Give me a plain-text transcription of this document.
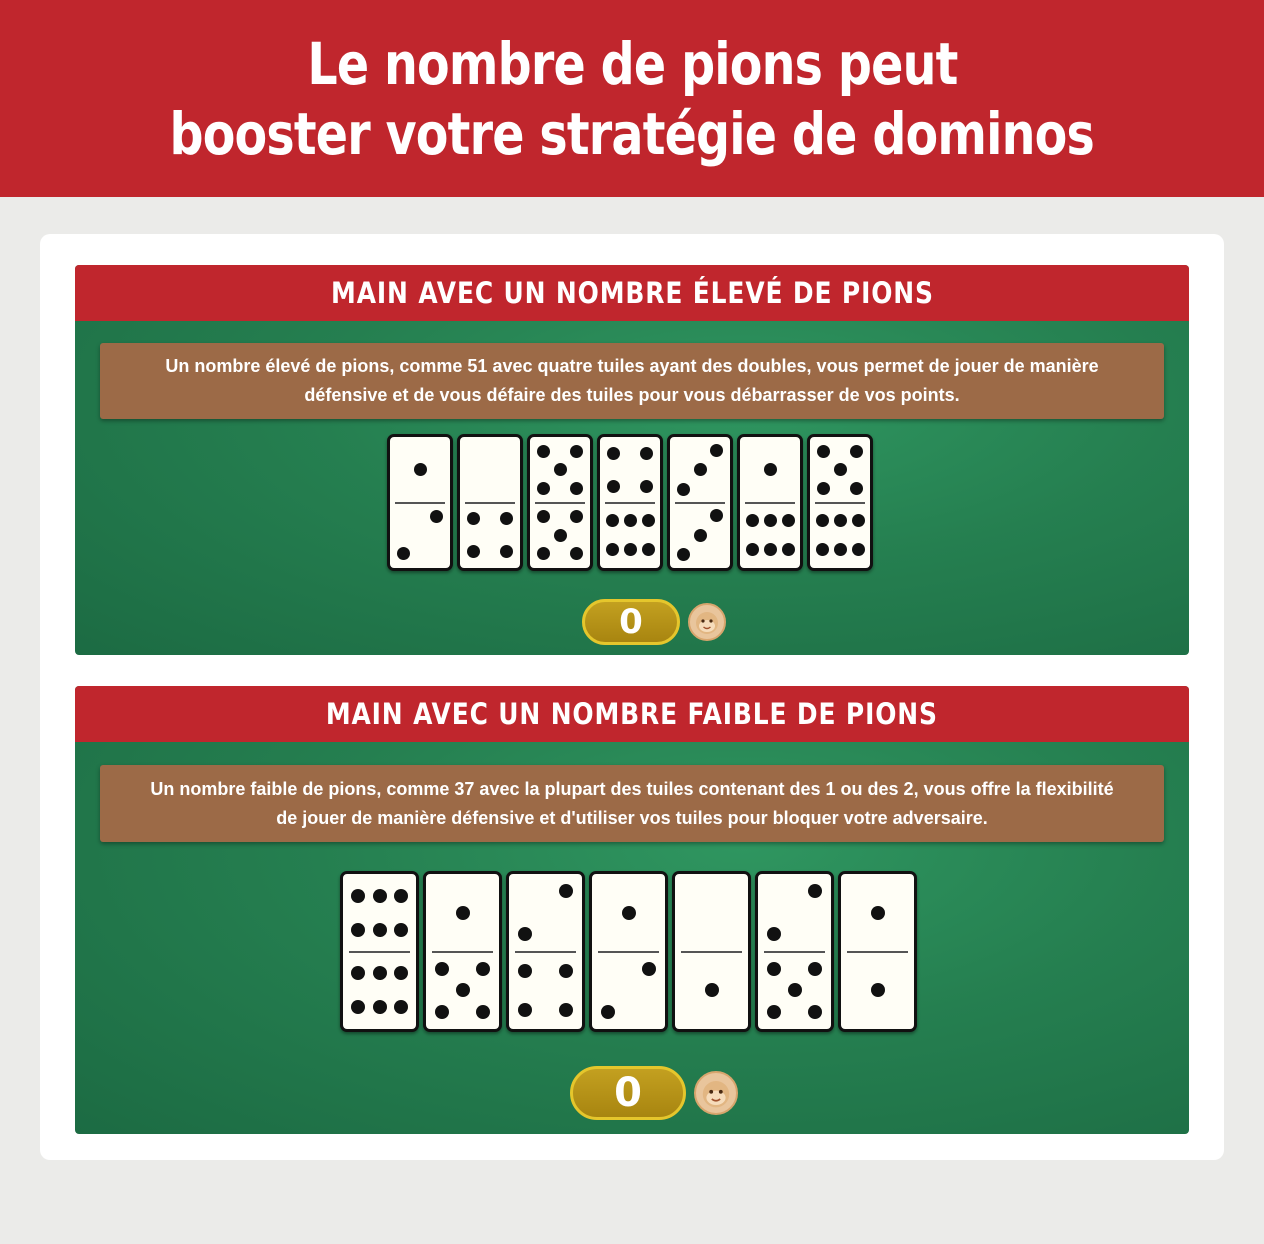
Le nombre de pions peut
booster votre stratégie de dominos
MAIN AVEC UN NOMBRE ÉLEVÉ DE PIONS
Un nombre élevé de pions, comme 51 avec quatre tuiles ayant des doubles, vous permet de jouer de manière
défensive et de vous défaire des tuiles pour vous débarrasser de vos points.
0
MAIN AVEC UN NOMBRE FAIBLE DE PIONS
Un nombre faible de pions, comme 37 avec la plupart des tuiles contenant des 1 ou des 2, vous offre la flexibilité
de jouer de manière défensive et d'utiliser vos tuiles pour bloquer votre adversaire.
0
